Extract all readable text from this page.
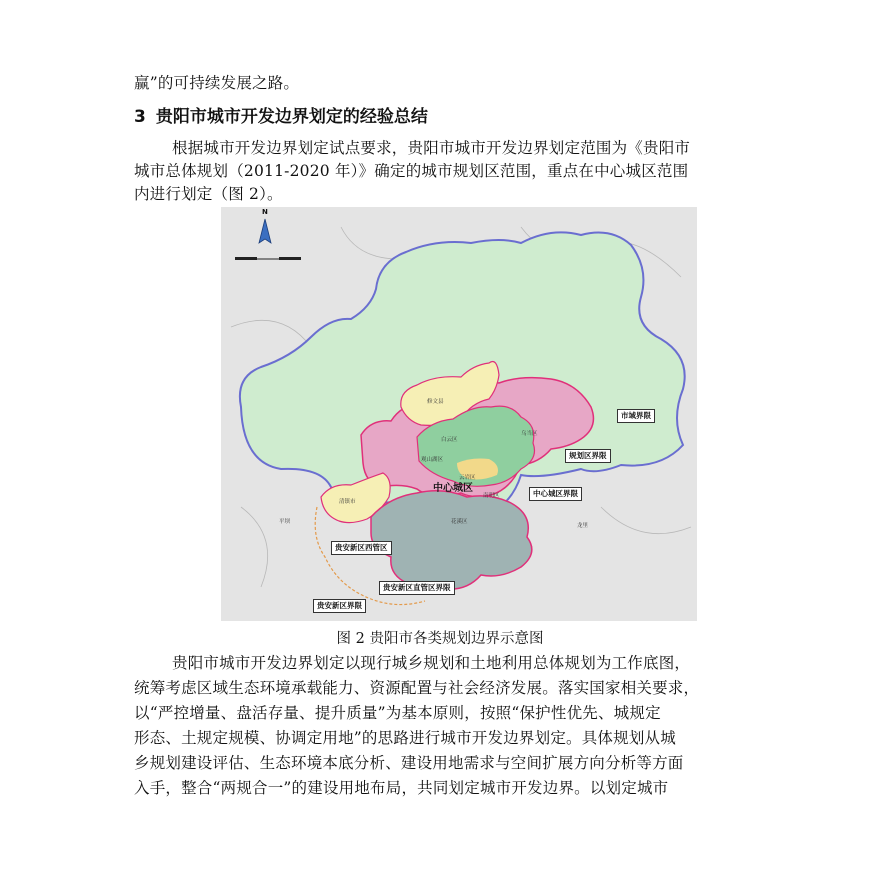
赢”的可持续发展之路。
3 贵阳市城市开发边界划定的经验总结
根据城市开发边界划定试点要求，贵阳市城市开发边界划定范围为《贵阳市
城市总体规划（2011-2020 年）》确定的城市规划区范围，重点在中心城区范围
内进行划定（图 2）。
N
市域界限
规划区界限
中心城区界限
贵安新区西管区
贵安新区直管区界限
贵安新区界限
中心城区
花溪区
观山湖区
白云区
乌当区
南明区
云岩区
修文县
清镇市
平坝
龙里
图 2 贵阳市各类规划边界示意图
贵阳市城市开发边界划定以现行城乡规划和土地利用总体规划为工作底图，
统筹考虑区域生态环境承载能力、资源配置与社会经济发展。落实国家相关要求，
以“严控增量、盘活存量、提升质量”为基本原则，按照“保护性优先、城规定
形态、土规定规模、协调定用地”的思路进行城市开发边界划定。具体规划从城
乡规划建设评估、生态环境本底分析、建设用地需求与空间扩展方向分析等方面
入手，整合“两规合一”的建设用地布局，共同划定城市开发边界。以划定城市
